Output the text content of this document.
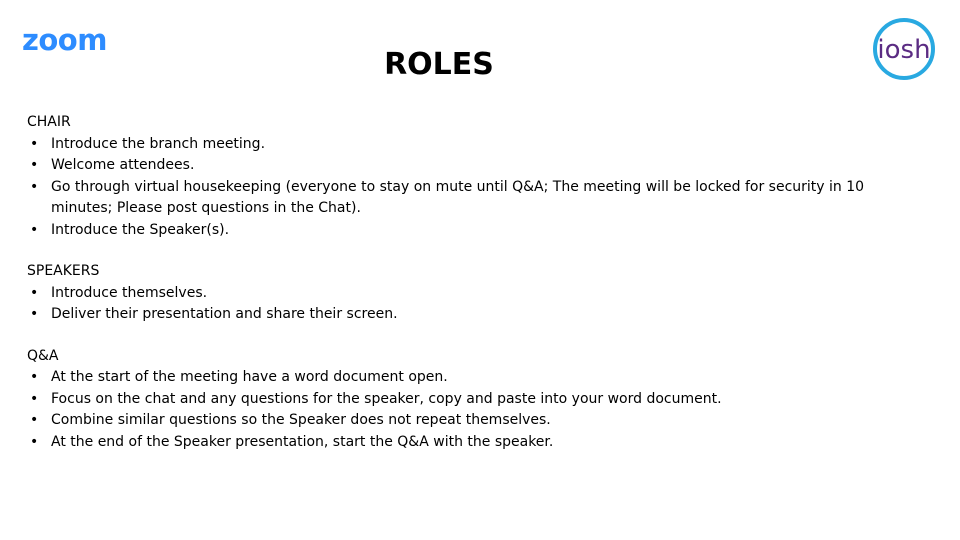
zoom
ROLES	iosh
CHAIR
• Introduce the branch meeting.
• Welcome attendees.
• Go through virtual housekeeping (everyone to stay on mute until Q&A; The meeting will be locked for security in 10 minutes; Please post questions in the Chat).
• Introduce the Speaker(s).
SPEAKERS
• Introduce themselves.
• Deliver their presentation and share their screen.
Q&A
• At the start of the meeting have a word document open.
• Focus on the chat and any questions for the speaker, copy and paste into your word document.
• Combine similar questions so the Speaker does not repeat themselves.
• At the end of the Speaker presentation, start the Q&A with the speaker.
